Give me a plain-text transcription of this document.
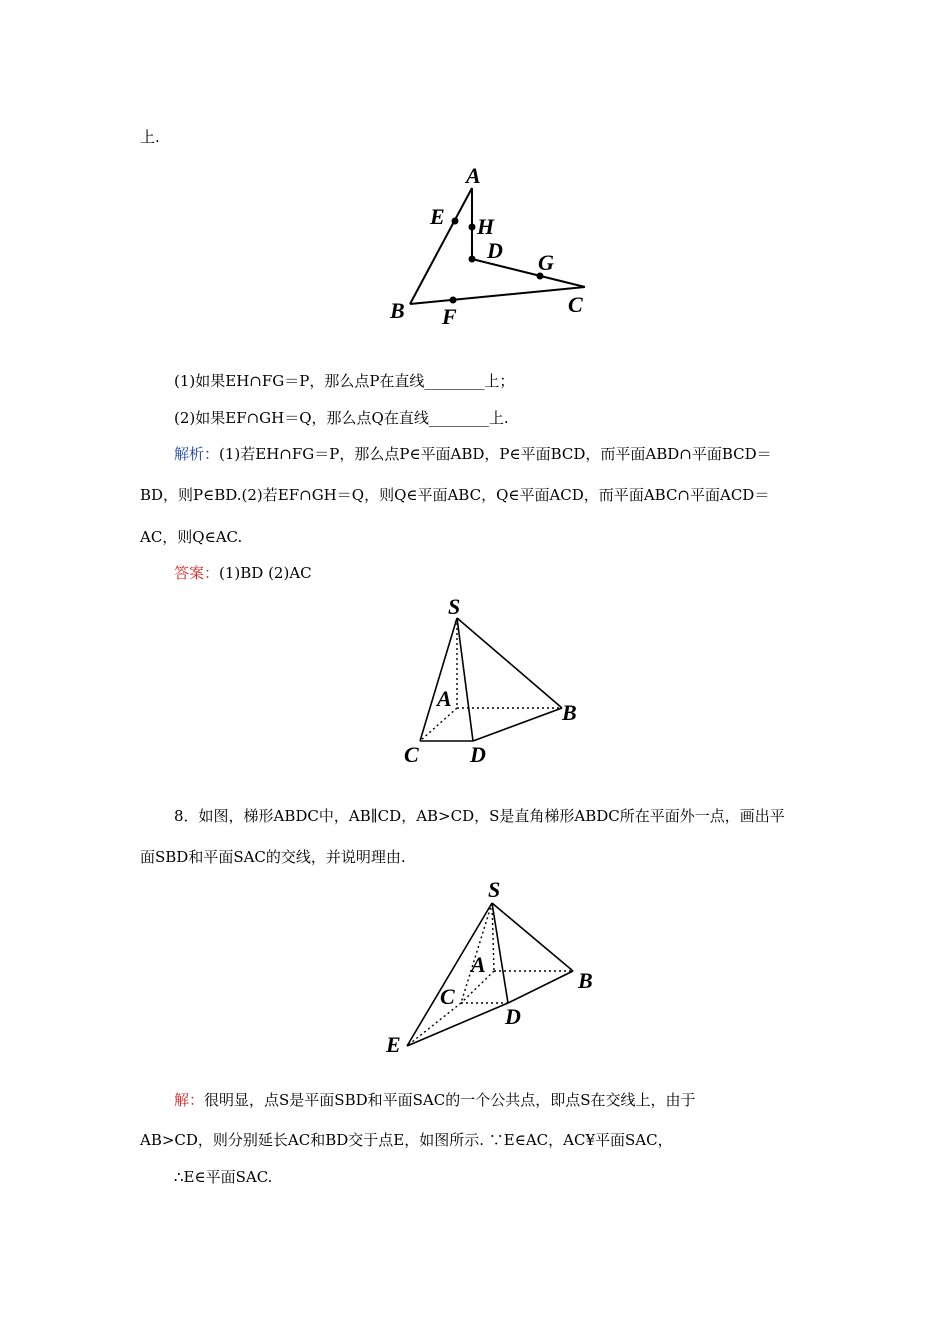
上.
A
E H
D G
B F	C
(1)如果EH∩FG＝P，那么点P在直线________上；
(2)如果EF∩GH＝Q，那么点Q在直线________上.
解析：(1)若EH∩FG＝P，那么点P∈平面ABD，P∈平面BCD，而平面ABD∩平面BCD＝
BD，则P∈BD.(2)若EF∩GH＝Q，则Q∈平面ABC，Q∈平面ACD，而平面ABC∩平面ACD＝
AC，则Q∈AC.
答案：(1)BD (2)AC
S
A
B
C D
8．如图，梯形ABDC中，AB∥CD，AB>CD，S是直角梯形ABDC所在平面外一点，画出平
面SBD和平面SAC的交线，并说明理由.
S
A
B
C
D
E
解：很明显，点S是平面SBD和平面SAC的一个公共点，即点S在交线上，由于
AB>CD，则分别延长AC和BD交于点E，如图所示. ∵E∈AC，AC¥平面SAC，
∴E∈平面SAC.
